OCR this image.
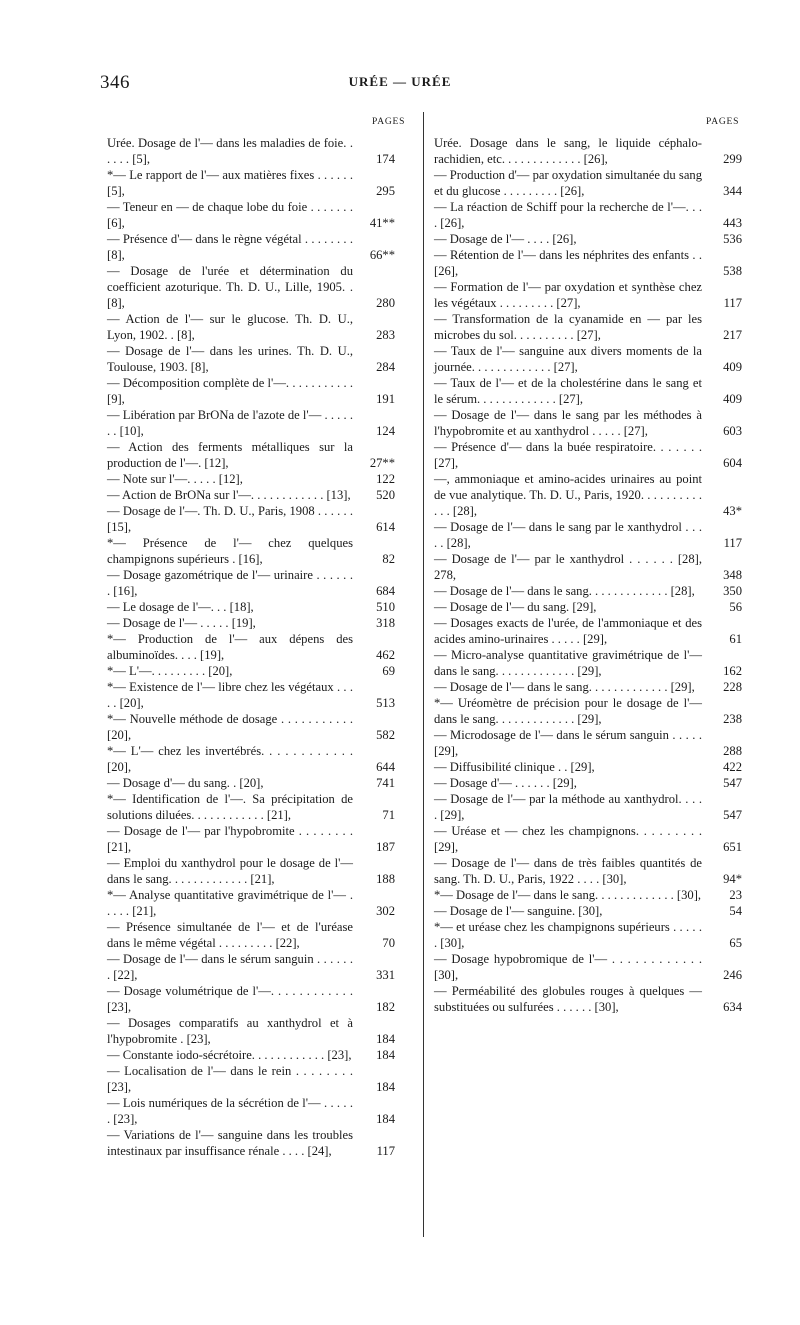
346	URÉE — URÉE
PAGES	PAGES
Urée. Dosage de l'— dans les maladies de foie. . . . . . [5],	174
*— Le rapport de l'— aux matières fixes . . . . . . [5],	295
— Teneur en — de chaque lobe du foie . . . . . . . [6],	41**
— Présence d'— dans le règne végétal . . . . . . . . [8],	66**
— Dosage de l'urée et détermination du coefficient azoturique. Th. D. U., Lille, 1905. . [8],	280
— Action de l'— sur le glucose. Th. D. U., Lyon, 1902. . [8],	283
— Dosage de l'— dans les urines. Th. D. U., Toulouse, 1903. [8],	284
— Décomposition complète de l'—. . . . . . . . . . . [9],	191
— Libération par BrONa de l'azote de l'— . . . . . . . [10],	124
— Action des ferments métalliques sur la production de l'—. [12],	27**
— Note sur l'—. . . . . [12],	122
— Action de BrONa sur l'—. . . . . . . . . . . . [13],	520
— Dosage de l'—. Th. D. U., Paris, 1908 . . . . . . [15],	614
*— Présence de l'— chez quelques champignons supérieurs . [16],	82
— Dosage gazométrique de l'— urinaire . . . . . . . [16],	684
— Le dosage de l'—. . . [18],	510
— Dosage de l'— . . . . . [19],	318
*— Production de l'— aux dépens des albuminoïdes. . . . [19],	462
*— L'—. . . . . . . . . [20],	69
*— Existence de l'— libre chez les végétaux . . . . . [20],	513
*— Nouvelle méthode de dosage . . . . . . . . . . . [20],	582
*— L'— chez les invertébrés. . . . . . . . . . . . [20],	644
— Dosage d'— du sang. . [20],	741
*— Identification de l'—. Sa précipitation de solutions diluées. . . . . . . . . . . . [21],	71
— Dosage de l'— par l'hypobromite . . . . . . . . [21],	187
— Emploi du xanthydrol pour le dosage de l'— dans le sang. . . . . . . . . . . . . [21],	188
*— Analyse quantitative gravimétrique de l'— . . . . . [21],	302
— Présence simultanée de l'— et de l'uréase dans le même végétal . . . . . . . . . [22],	70
— Dosage de l'— dans le sérum sanguin . . . . . . . [22],	331
— Dosage volumétrique de l'—. . . . . . . . . . . . [23],	182
— Dosages comparatifs au xanthydrol et à l'hypobromite . [23],	184
— Constante iodo-sécrétoire. . . . . . . . . . . . [23],	184
— Localisation de l'— dans le rein . . . . . . . . [23],	184
— Lois numériques de la sécrétion de l'— . . . . . . [23],	184
— Variations de l'— sanguine dans les troubles intestinaux par insuffisance rénale . . . . [24],	117
Urée. Dosage dans le sang, le liquide céphalo-rachidien, etc. . . . . . . . . . . . . [26],	299
— Production d'— par oxydation simultanée du sang et du glucose . . . . . . . . . [26],	344
— La réaction de Schiff pour la recherche de l'—. . . . [26],	443
— Dosage de l'— . . . . [26],	536
— Rétention de l'— dans les néphrites des enfants . . [26],	538
— Formation de l'— par oxydation et synthèse chez les végétaux . . . . . . . . . [27],	117
— Transformation de la cyanamide en — par les microbes du sol. . . . . . . . . . [27],	217
— Taux de l'— sanguine aux divers moments de la journée. . . . . . . . . . . . . [27],	409
— Taux de l'— et de la cholestérine dans le sang et le sérum. . . . . . . . . . . . . [27],	409
— Dosage de l'— dans le sang par les méthodes à l'hypobromite et au xanthydrol . . . . . [27],	603
— Présence d'— dans la buée respiratoire. . . . . . . [27],	604
—, ammoniaque et amino-acides urinaires au point de vue analytique. Th. D. U., Paris, 1920. . . . . . . . . . . . . [28],	43*
— Dosage de l'— dans le sang par le xanthydrol . . . . . [28],	117
— Dosage de l'— par le xanthydrol . . . . . . [28], 278,	348
— Dosage de l'— dans le sang. . . . . . . . . . . . . [28],	350
— Dosage de l'— du sang. [29],	56
— Dosages exacts de l'urée, de l'ammoniaque et des acides amino-urinaires . . . . . [29],	61
— Micro-analyse quantitative gravimétrique de l'— dans le sang. . . . . . . . . . . . . [29],	162
— Dosage de l'— dans le sang. . . . . . . . . . . . . [29],	228
*— Uréomètre de précision pour le dosage de l'— dans le sang. . . . . . . . . . . . . [29],	238
— Microdosage de l'— dans le sérum sanguin . . . . . [29],	288
— Diffusibilité clinique . . [29],	422
— Dosage d'— . . . . . . [29],	547
— Dosage de l'— par la méthode au xanthydrol. . . . . [29],	547
— Uréase et — chez les champignons. . . . . . . . . [29],	651
— Dosage de l'— dans de très faibles quantités de sang. Th. D. U., Paris, 1922 . . . . [30],	94*
*— Dosage de l'— dans le sang. . . . . . . . . . . . . [30],	23
— Dosage de l'— sanguine. [30],	54
*— et uréase chez les champignons supérieurs . . . . . . [30],	65
— Dosage hypobromique de l'— . . . . . . . . . . . . [30],	246
— Perméabilité des globules rouges à quelques — substituées ou sulfurées . . . . . . [30],	634
